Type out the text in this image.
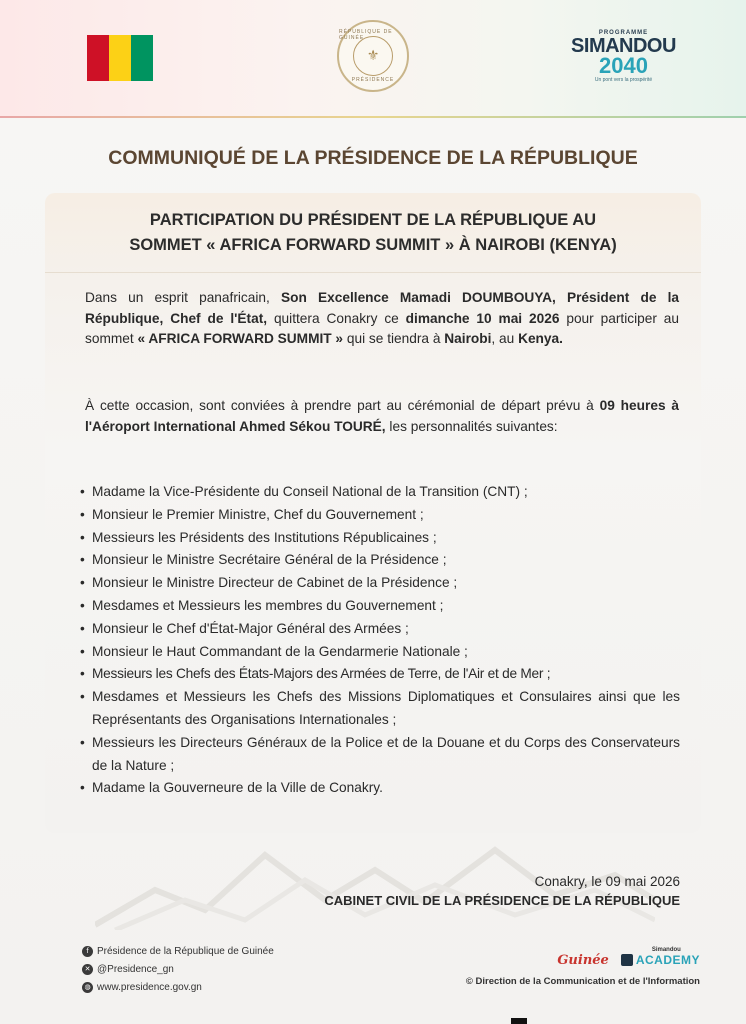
RÉPUBLIQUE DE GUINÉE
⚜
PRÉSIDENCE
PROGRAMME
SIMANDOU
2040
Un pont vers la prospérité
COMMUNIQUÉ DE LA PRÉSIDENCE DE LA RÉPUBLIQUE
PARTICIPATION DU PRÉSIDENT DE LA RÉPUBLIQUE AU
SOMMET « AFRICA FORWARD SUMMIT » À NAIROBI (KENYA)
Dans un esprit panafricain, Son Excellence Mamadi DOUMBOUYA, Président de la République, Chef de l'État, quittera Conakry ce dimanche 10 mai 2026 pour participer au sommet « AFRICA FORWARD SUMMIT » qui se tiendra à Nairobi, au Kenya.
À cette occasion, sont conviées à prendre part au cérémonial de départ prévu à 09 heures à l'Aéroport International Ahmed Sékou TOURÉ, les personnalités suivantes:
• Madame la Vice-Présidente du Conseil National de la Transition (CNT) ;
• Monsieur le Premier Ministre, Chef du Gouvernement ;
• Messieurs les Présidents des Institutions Républicaines ;
• Monsieur le Ministre Secrétaire Général de la Présidence ;
• Monsieur le Ministre Directeur de Cabinet de la Présidence ;
• Mesdames et Messieurs les membres du Gouvernement ;
• Monsieur le Chef d'État-Major Général des Armées ;
• Monsieur le Haut Commandant de la Gendarmerie Nationale ;
• Messieurs les Chefs des États-Majors des Armées de Terre, de l'Air et de Mer ;
• Mesdames et Messieurs les Chefs des Missions Diplomatiques et Consulaires ainsi que les Représentants des Organisations Internationales ;
• Messieurs les Directeurs Généraux de la Police et de la Douane et du Corps des Conservateurs de la Nature ;
• Madame la Gouverneure de la Ville de Conakry.
Conakry, le 09 mai 2026
CABINET CIVIL DE LA PRÉSIDENCE DE LA RÉPUBLIQUE
f Présidence de la République de Guinée
✕ @Presidence_gn
◍ www.presidence.gov.gn
Guinée
Simandou
ACADEMY
© Direction de la Communication et de l'Information
